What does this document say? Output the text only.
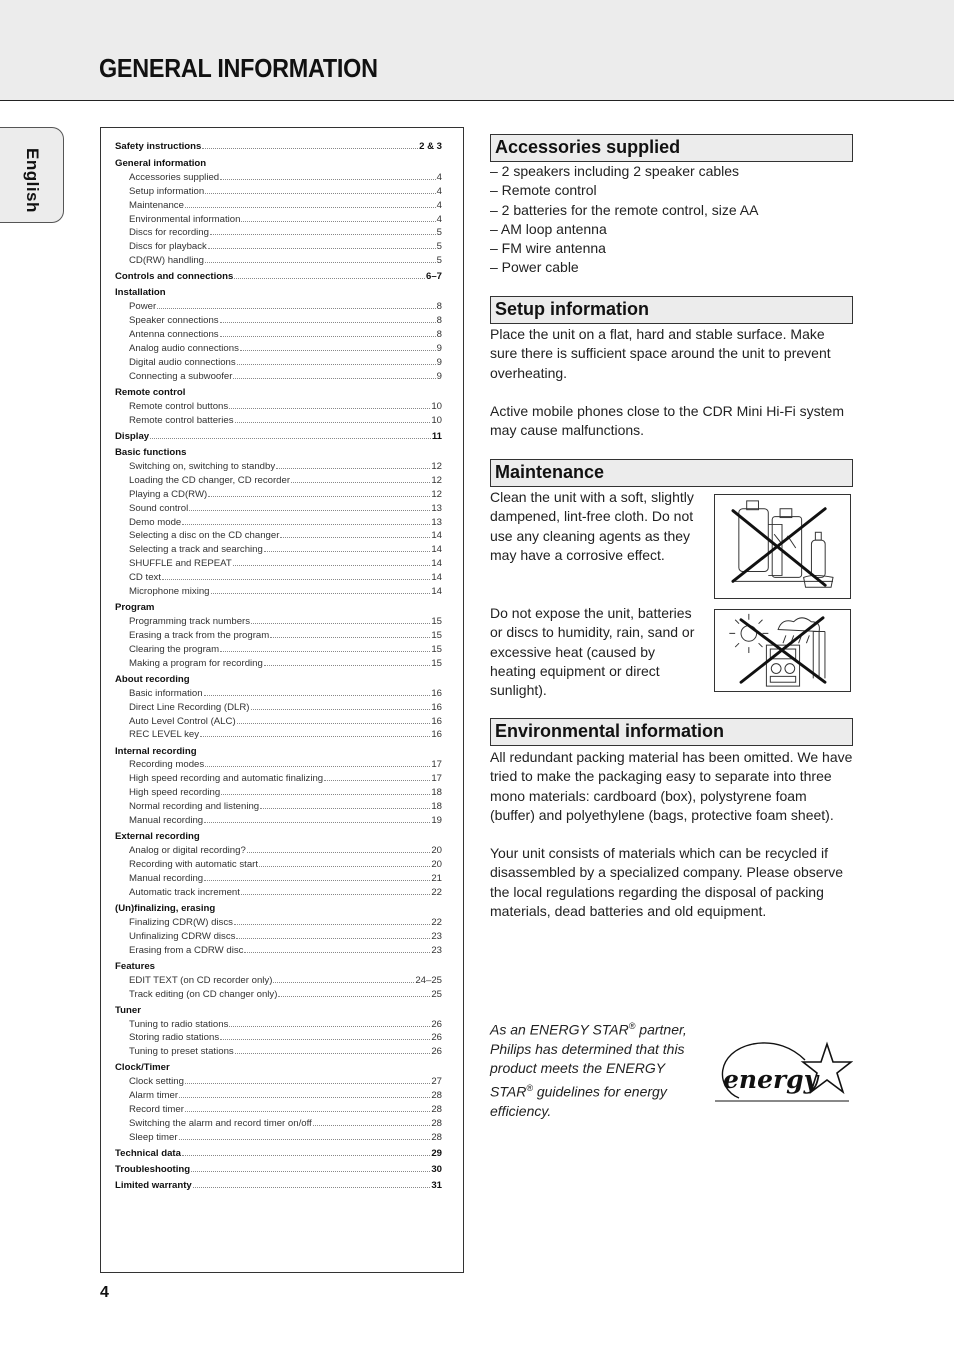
GENERAL INFORMATION
English
Safety instructions	2 & 3
General information
Accessories supplied	4
Setup information	4
Maintenance	4
Environmental information	4
Discs for recording	5
Discs for playback	5
CD(RW) handling	5
Controls and connections	6–7
Installation
Power	8
Speaker connections	8
Antenna connections	8
Analog audio connections	9
Digital audio connections	9
Connecting a subwoofer	9
Remote control
Remote control buttons	10
Remote control batteries	10
Display	11
Basic functions
Switching on, switching to standby	12
Loading the CD changer, CD recorder	12
Playing a CD(RW)	12
Sound control	13
Demo mode	13
Selecting a disc on the CD changer	14
Selecting a track and searching	14
SHUFFLE and REPEAT	14
CD text	14
Microphone mixing	14
Program
Programming track numbers	15
Erasing a track from the program	15
Clearing the program	15
Making a program for recording	15
About recording
Basic information	16
Direct Line Recording (DLR)	16
Auto Level Control (ALC)	16
REC LEVEL key	16
Internal recording
Recording modes	17
High speed recording and automatic finalizing	17
High speed recording	18
Normal recording and listening	18
Manual recording	19
External recording
Analog or digital recording?	20
Recording with automatic start	20
Manual recording	21
Automatic track increment	22
(Un)finalizing, erasing
Finalizing CDR(W) discs	22
Unfinalizing CDRW discs	23
Erasing from a CDRW disc	23
Features
EDIT TEXT (on CD recorder only)	24–25
Track editing (on CD changer only)	25
Tuner
Tuning to radio stations	26
Storing radio stations	26
Tuning to preset stations	26
Clock/Timer
Clock setting	27
Alarm timer	28
Record timer	28
Switching the alarm and record timer on/off	28
Sleep timer	28
Technical data	29
Troubleshooting	30
Limited warranty	31
Accessories supplied
– 2 speakers including 2 speaker cables
– Remote control
– 2 batteries for the remote control, size AA
– AM loop antenna
– FM wire antenna
– Power cable
Setup information
Place the unit on a flat, hard and stable surface. Make sure there is sufficient space around the unit to prevent overheating.
Active mobile phones close to the CDR Mini Hi-Fi system may cause malfunctions.
Maintenance
Clean the unit with a soft, slightly dampened, lint-free cloth. Do not use any cleaning agents as they may have a corrosive effect.
Do not expose the unit, batteries or discs to humidity, rain, sand or excessive heat (caused by heating equipment or direct sunlight).
Environmental information
All redundant packing material has been omitted. We have tried to make the packaging easy to separate into three mono materials: cardboard (box), polystyrene foam (buffer) and polyethylene (bags, protective foam sheet).
Your unit consists of materials which can be recycled if disassembled by a specialized company. Please observe the local regulations regarding the disposal of packing materials, dead batteries and old equipment.
As an ENERGY STAR® partner, Philips has determined that this product meets the ENERGY STAR® guidelines for energy efficiency.
energy
4
